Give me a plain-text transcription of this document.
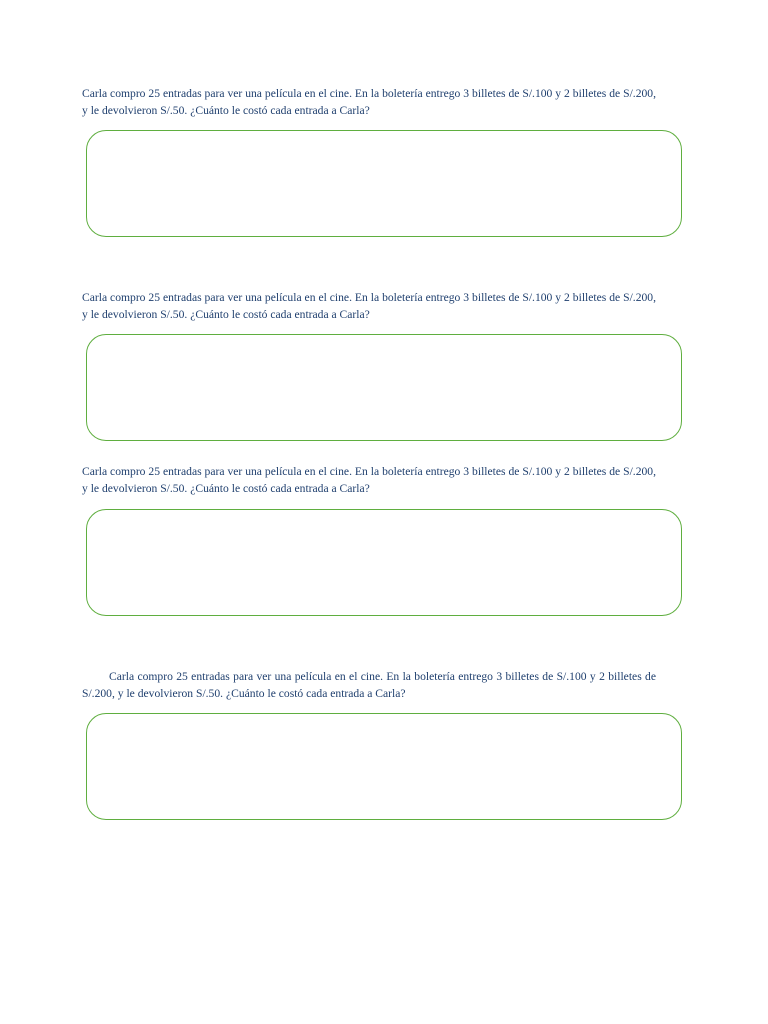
Carla compro 25 entradas para ver una película en el cine. En la boletería entrego 3 billetes de S/.100 y 2 billetes de S/.200, y le devolvieron S/.50. ¿Cuánto le costó cada entrada a Carla?

Carla compro 25 entradas para ver una película en el cine. En la boletería entrego 3 billetes de S/.100 y 2 billetes de S/.200, y le devolvieron S/.50. ¿Cuánto le costó cada entrada a Carla?

Carla compro 25 entradas para ver una película en el cine. En la boletería entrego 3 billetes de S/.100 y 2 billetes de S/.200, y le devolvieron S/.50. ¿Cuánto le costó cada entrada a Carla?

Carla compro 25 entradas para ver una película en el cine. En la boletería entrego 3 billetes de S/.100 y 2 billetes de S/.200, y le devolvieron S/.50. ¿Cuánto le costó cada entrada a Carla?
